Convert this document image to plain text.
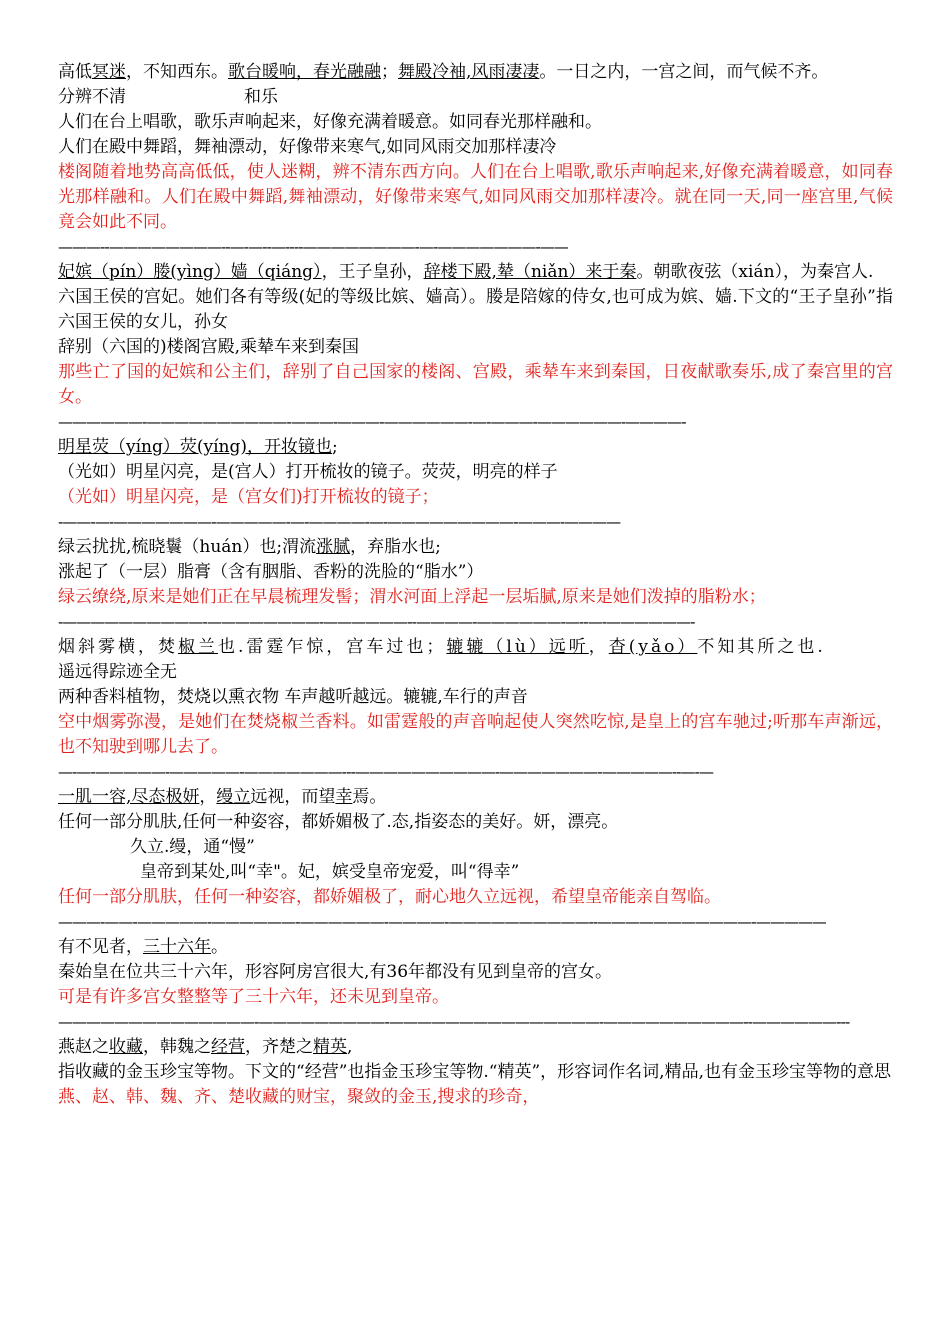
高低冥迷，不知西东。歌台暖响，春光融融；舞殿冷袖,风雨凄凄。一日之内，一宫之间，而气候不齐。
分辨不清	和乐
人们在台上唱歌，歌乐声响起来，好像充满着暖意。如同春光那样融和。
人们在殿中舞蹈，舞袖漂动，好像带来寒气,如同风雨交加那样凄冷
楼阁随着地势高高低低，使人迷糊，辨不清东西方向。人们在台上唱歌,歌乐声响起来,好像充满着暖意，如同春光那样融和。人们在殿中舞蹈,舞袖漂动，好像带来寒气,如同风雨交加那样凄冷。就在同一天,同一座宫里,气候竟会如此不同。
———--————————--—-—--—----————————-—-———————-——
妃嫔（pín）媵(yìng）嫱（qiáng），王子皇孙，辞楼下殿,辇（niǎn）来于秦。朝歌夜弦（xián），为秦宫人.
六国王侯的宫妃。她们各有等级(妃的等级比嫔、嫱高）。媵是陪嫁的侍女,也可成为嫔、嫱.下文的“王子皇孙”指六国王侯的女儿，孙女
辞别（六国的)楼阁宫殿,乘辇车来到秦国
那些亡了国的妃嫔和公主们，辞别了自己国家的楼阁、宫殿，乘辇车来到秦国，日夜献歌奏乐,成了秦宫里的宫女。
——————-——————————-———-———-——————-—-———-——————-————-
明星荧（yíng）荧(yíng)，开妆镜也;
（光如）明星闪亮，是(宫人）打开梳妆的镜子。荧荧，明亮的样子
（光如）明星闪亮，是（宫女们)打开梳妆的镜子；
-——-—-———————-—————-—-————-—-—————————-———-————
绿云扰扰,梳晓鬟（huán）也;渭流涨腻，弃脂水也;
涨起了（一层）脂膏（含有胭脂、香粉的洗脸的“脂水”）
绿云缭绕,原来是她们正在早晨梳理发髻；渭水河面上浮起一层垢腻,原来是她们泼掉的脂粉水；
-——————————-————————-——————--————-——————-—--—-——————-
烟斜雾横，焚椒兰也.雷霆乍惊，宫车过也；辘辘（lù）远听，杳(yǎo）不知其所之也.
遥远得踪迹全无
两种香料植物，焚烧以熏衣物 车声越听越远。辘辘,车行的声音
空中烟雾弥漫，是她们在焚烧椒兰香料。如雷霆般的声音响起使人突然吃惊,是皇上的宫车驰过;听那车声渐远，也不知驶到哪儿去了。
—-—-—————-—————-———————---——————————-———————-—————--—-—
一肌一容,尽态极妍，缦立远视，而望幸焉。
任何一部分肌肤,任何一种姿容，都娇媚极了.态,指姿态的美好。妍，漂亮。
久立.缦，通“慢”
皇帝到某处,叫“幸"。妃，嫔受皇帝宠爱，叫“得幸”
任何一部分肌肤，任何一种姿容，都娇媚极了，耐心地久立远视，希望皇帝能亲自驾临。
———-——-—————-——————-——————-————-——————————--———————————-—————
有不见者，三十六年。
秦始皇在位共三十六年，形容阿房宫很大,有36年都没有见到皇帝的宫女。
可是有许多宫女整整等了三十六年，还未见到皇帝。
——————————————-—————————-———————————————-——————————--——————---
燕赵之收藏，韩魏之经营，齐楚之精英,
指收藏的金玉珍宝等物。下文的“经营”也指金玉珍宝等物.“精英”，形容词作名词,精品,也有金玉珍宝等物的意思
燕、赵、韩、魏、齐、楚收藏的财宝，聚敛的金玉,搜求的珍奇，
